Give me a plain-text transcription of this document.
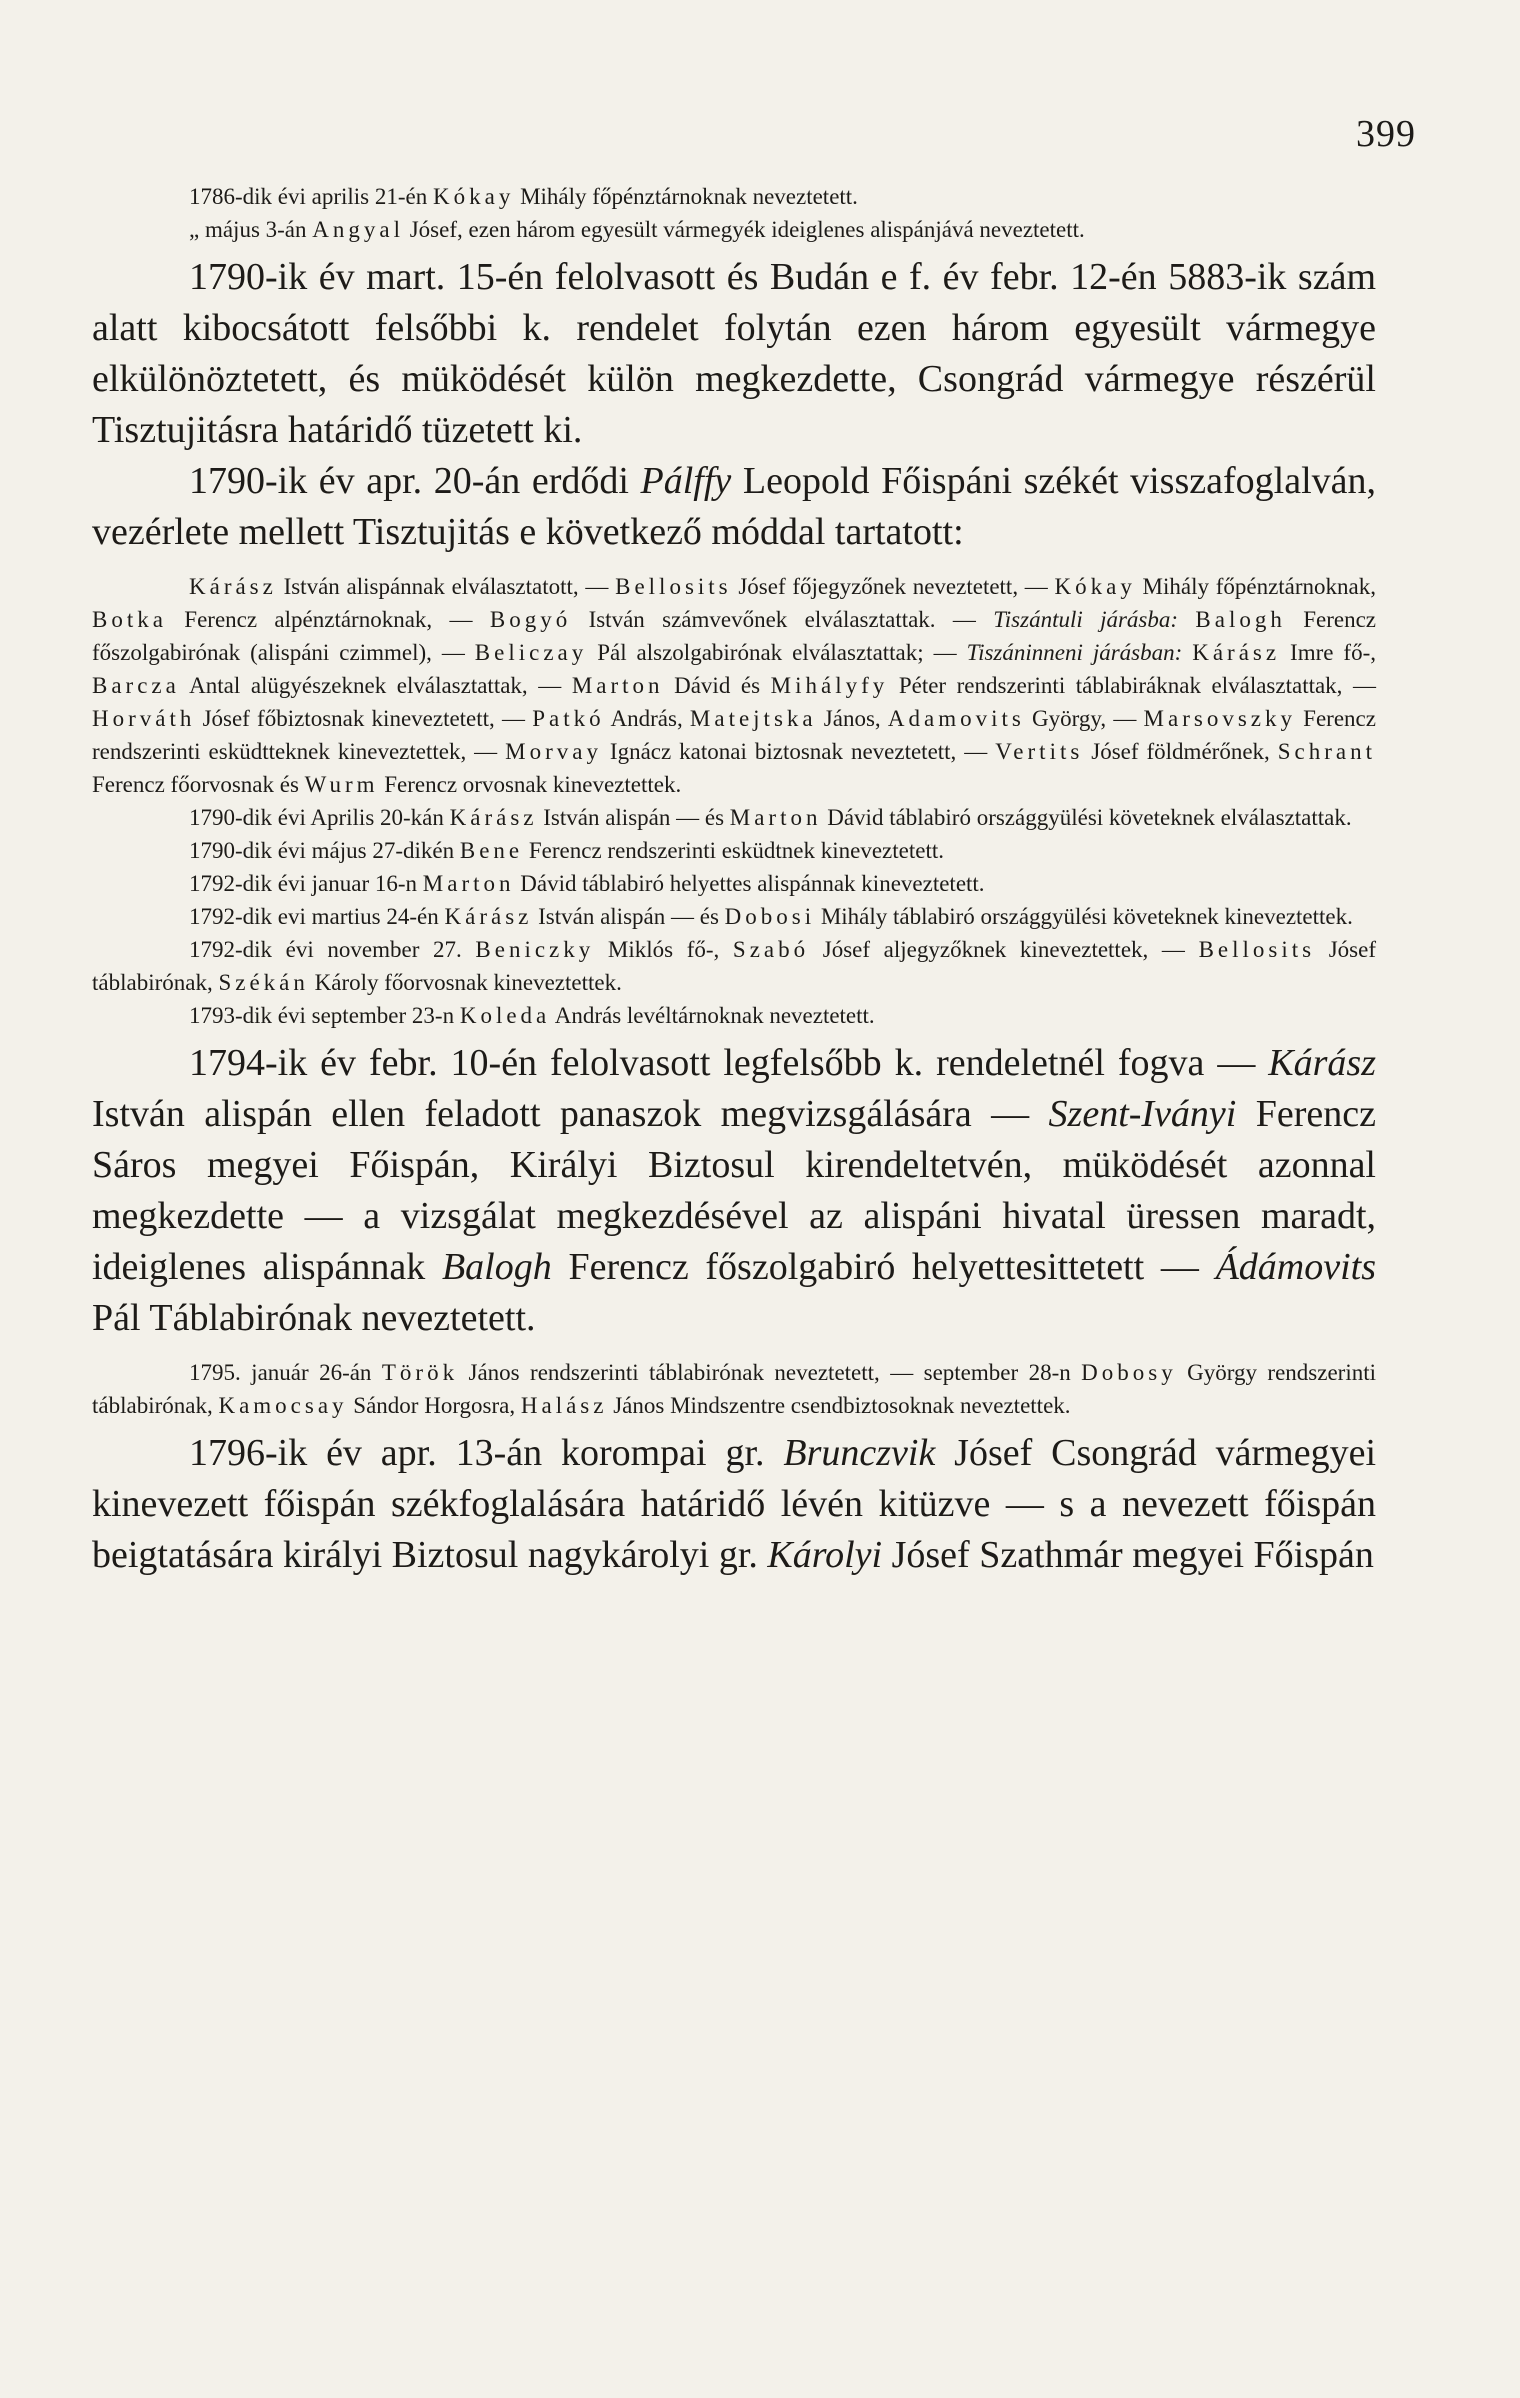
399

1786-dik évi aprilis 21-én Kókay Mihály főpénztárnoknak neveztetett.

„ május 3-án Angyal Jósef, ezen három egyesült vármegyék ideiglenes alispánjává neveztetett.

1790-ik év mart. 15-én felolvasott és Budán e f. év febr. 12-én 5883-ik szám alatt kibocsátott felsőbbi k. rendelet folytán ezen három egyesült vármegye elkülönöztetett, és müködését külön megkezdette, Csongrád vármegye részérül Tisztujitásra határidő tüzetett ki.

1790-ik év apr. 20-án erdődi Pálffy Leopold Főispáni székét visszafoglalván, vezérlete mellett Tisztujitás e következő móddal tartatott:

Kárász István alispánnak elválasztatott, — Bellosits Jósef főjegyzőnek neveztetett, — Kókay Mihály főpénztárnoknak, Botka Ferencz alpénztárnoknak, — Bogyó István számvevőnek elválasztattak. — Tiszántuli járásba: Balogh Ferencz főszolgabirónak (alispáni czimmel), — Beliczay Pál alszolgabirónak elválasztattak; — Tiszáninneni járásban: Kárász Imre fő-, Barcza Antal alügyészeknek elválasztattak, — Marton Dávid és Mihályfy Péter rendszerinti táblabiráknak elválasztattak, — Horváth Jósef főbiztosnak kineveztetett, — Patkó András, Matejtska János, Adamovits György, — Marsovszky Ferencz rendszerinti esküdtteknek kineveztettek, — Morvay Ignácz katonai biztosnak neveztetett, — Vertits Jósef földmérőnek, Schrant Ferencz főorvosnak és Wurm Ferencz orvosnak kineveztettek.

1790-dik évi Aprilis 20-kán Kárász István alispán — és Marton Dávid táblabiró országgyülési követeknek elválasztattak.

1790-dik évi május 27-dikén Bene Ferencz rendszerinti esküdtnek kineveztetett.

1792-dik évi januar 16-n Marton Dávid táblabiró helyettes alispánnak kineveztetett.

1792-dik evi martius 24-én Kárász István alispán — és Dobosi Mihály táblabiró országgyülési követeknek kineveztettek.

1792-dik évi november 27. Beniczky Miklós fő-, Szabó Jósef aljegyzőknek kineveztettek, — Bellosits Jósef táblabirónak, Székán Károly főorvosnak kineveztettek.

1793-dik évi september 23-n Koleda András levéltárnoknak neveztetett.

1794-ik év febr. 10-én felolvasott legfelsőbb k. rendeletnél fogva — Kárász István alispán ellen feladott panaszok megvizsgálására — Szent-Iványi Ferencz Sáros megyei Főispán, Királyi Biztosul kirendeltetvén, müködését azonnal megkezdette — a vizsgálat megkezdésével az alispáni hivatal üressen maradt, ideiglenes alispánnak Balogh Ferencz főszolgabiró helyettesittetett — Ádámovits Pál Táblabirónak neveztetett.

1795. január 26-án Török János rendszerinti táblabirónak neveztetett, — september 28-n Dobosy György rendszerinti táblabirónak, Kamocsay Sándor Horgosra, Halász János Mindszentre csendbiztosoknak neveztettek.

1796-ik év apr. 13-án korompai gr. Brunczvik Jósef Csongrád vármegyei kinevezett főispán székfoglalására határidő lévén kitüzve — s a nevezett főispán beigtatására királyi Biztosul nagykárolyi gr. Károlyi Jósef Szathmár megyei Főispán
